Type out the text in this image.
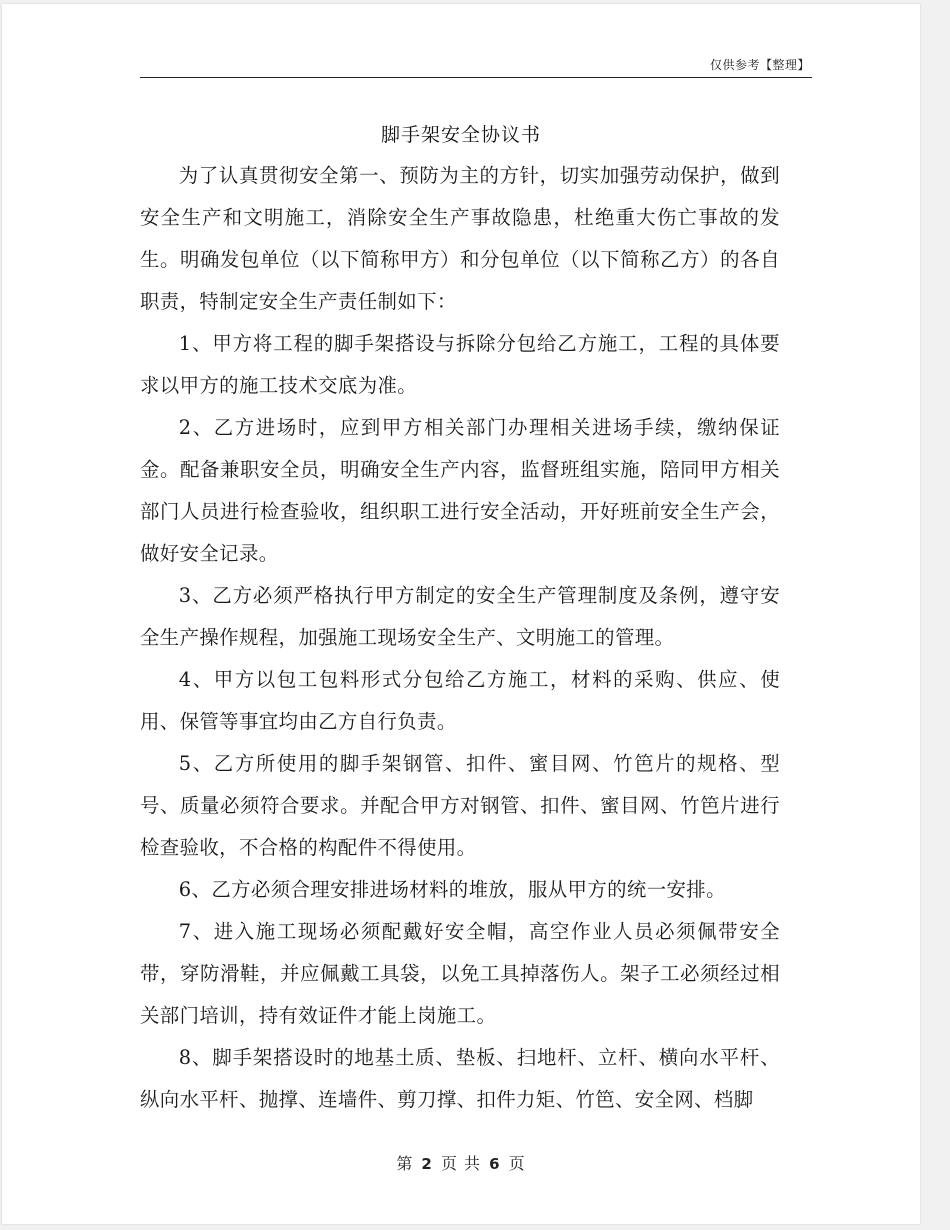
仅供参考【整理】
脚手架安全协议书

为了认真贯彻安全第一、预防为主的方针，切实加强劳动保护，做到安全生产和文明施工，消除安全生产事故隐患，杜绝重大伤亡事故的发生。明确发包单位（以下简称甲方）和分包单位（以下简称乙方）的各自职责，特制定安全生产责任制如下：

1、甲方将工程的脚手架搭设与拆除分包给乙方施工，工程的具体要求以甲方的施工技术交底为准。

2、乙方进场时，应到甲方相关部门办理相关进场手续，缴纳保证金。配备兼职安全员，明确安全生产内容，监督班组实施，陪同甲方相关部门人员进行检查验收，组织职工进行安全活动，开好班前安全生产会，做好安全记录。

3、乙方必须严格执行甲方制定的安全生产管理制度及条例，遵守安全生产操作规程，加强施工现场安全生产、文明施工的管理。

4、甲方以包工包料形式分包给乙方施工，材料的采购、供应、使用、保管等事宜均由乙方自行负责。

5、乙方所使用的脚手架钢管、扣件、蜜目网、竹笆片的规格、型号、质量必须符合要求。并配合甲方对钢管、扣件、蜜目网、竹笆片进行检查验收，不合格的构配件不得使用。

6、乙方必须合理安排进场材料的堆放，服从甲方的统一安排。

7、进入施工现场必须配戴好安全帽，高空作业人员必须佩带安全带，穿防滑鞋，并应佩戴工具袋，以免工具掉落伤人。架子工必须经过相关部门培训，持有效证件才能上岗施工。

8、脚手架搭设时的地基土质、垫板、扫地杆、立杆、横向水平杆、纵向水平杆、抛撑、连墙件、剪刀撑、扣件力矩、竹笆、安全网、档脚

第 2 页 共 6 页
